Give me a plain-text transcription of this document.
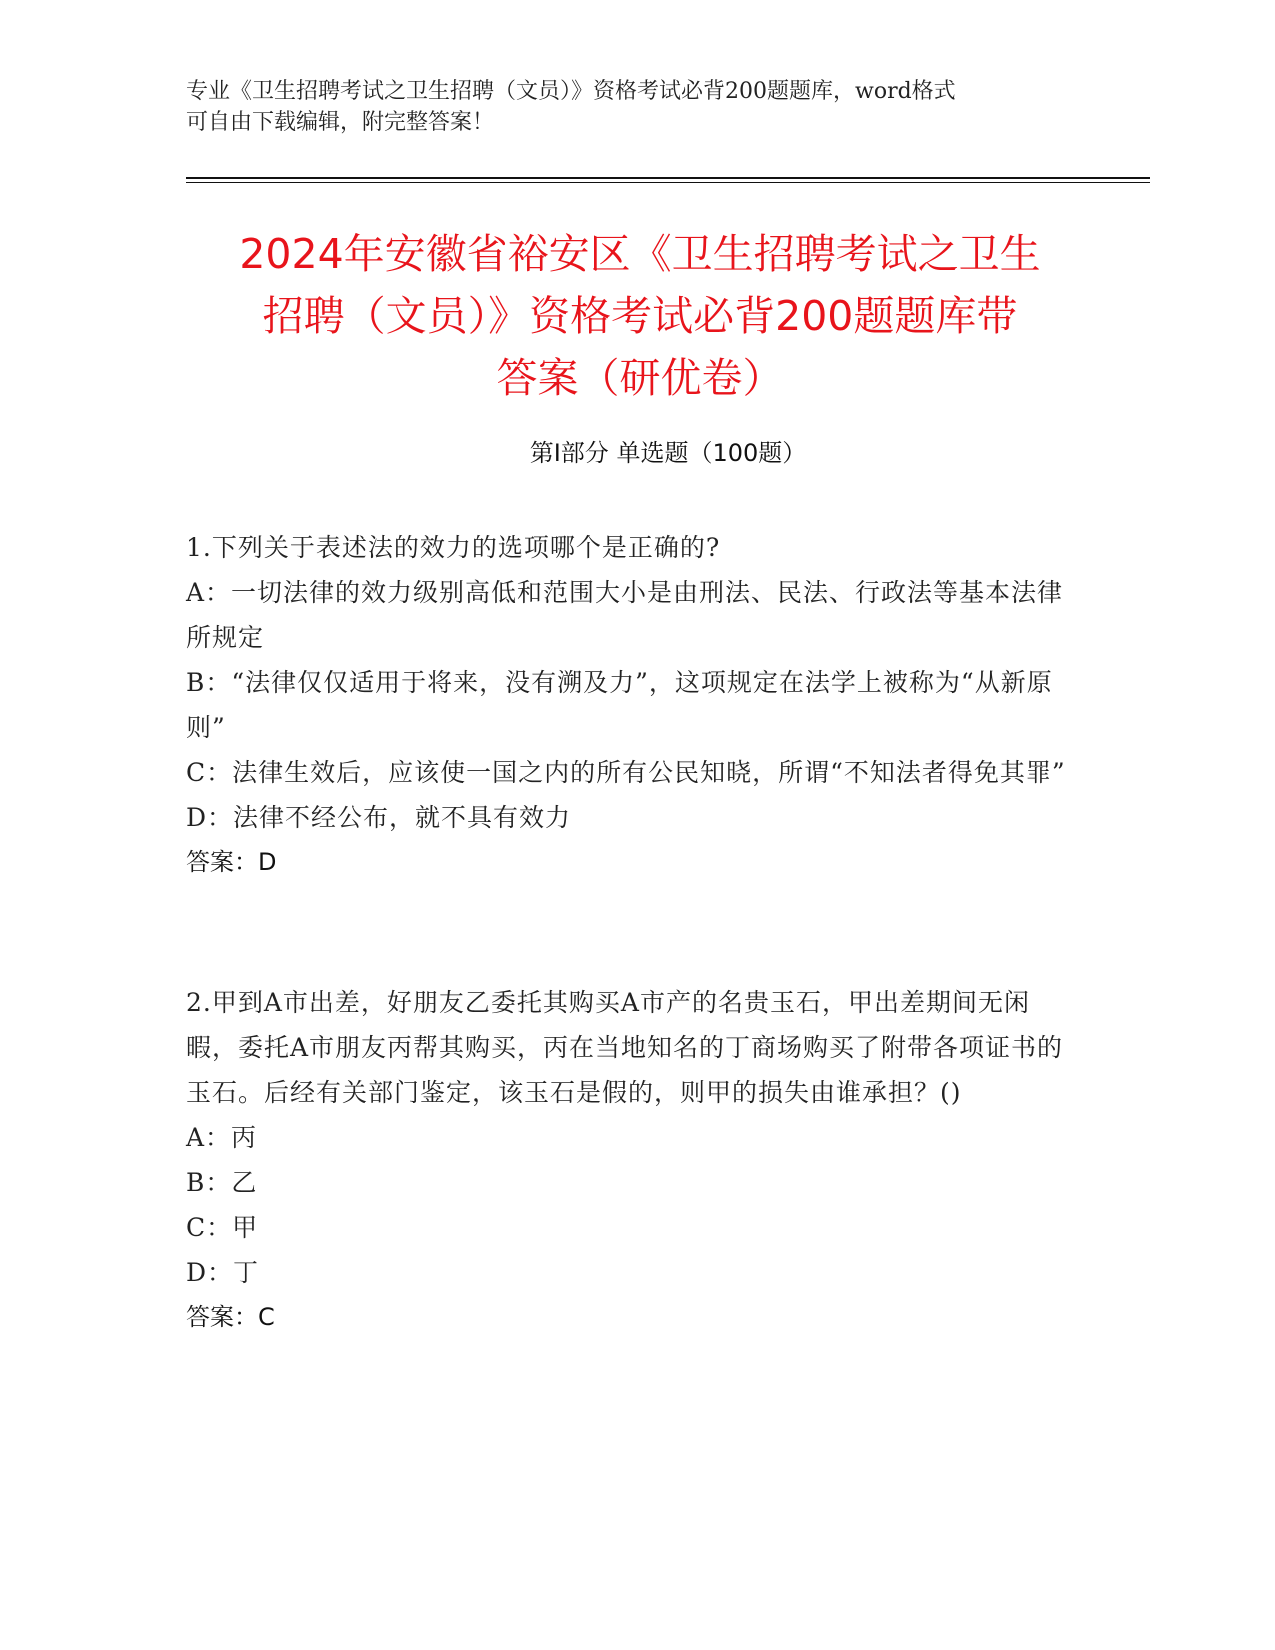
专业《卫生招聘考试之卫生招聘（文员）》资格考试必背200题题库，word格式
可自由下载编辑，附完整答案！
2024年安徽省裕安区《卫生招聘考试之卫生
招聘（文员）》资格考试必背200题题库带
答案（研优卷）
第Ⅰ部分 单选题（100题）

1.下列关于表述法的效力的选项哪个是正确的?

A：一切法律的效力级别高低和范围大小是由刑法、民法、行政法等基本法律所规定

B：“法律仅仅适用于将来，没有溯及力”，这项规定在法学上被称为“从新原则”

C：法律生效后，应该使一国之内的所有公民知晓，所谓“不知法者得免其罪”

D：法律不经公布，就不具有效力

答案：D

2.甲到A市出差，好朋友乙委托其购买A市产的名贵玉石，甲出差期间无闲暇，委托A市朋友丙帮其购买，丙在当地知名的丁商场购买了附带各项证书的玉石。后经有关部门鉴定，该玉石是假的，则甲的损失由谁承担？()

A：丙

B：乙

C：甲

D：丁

答案：C
